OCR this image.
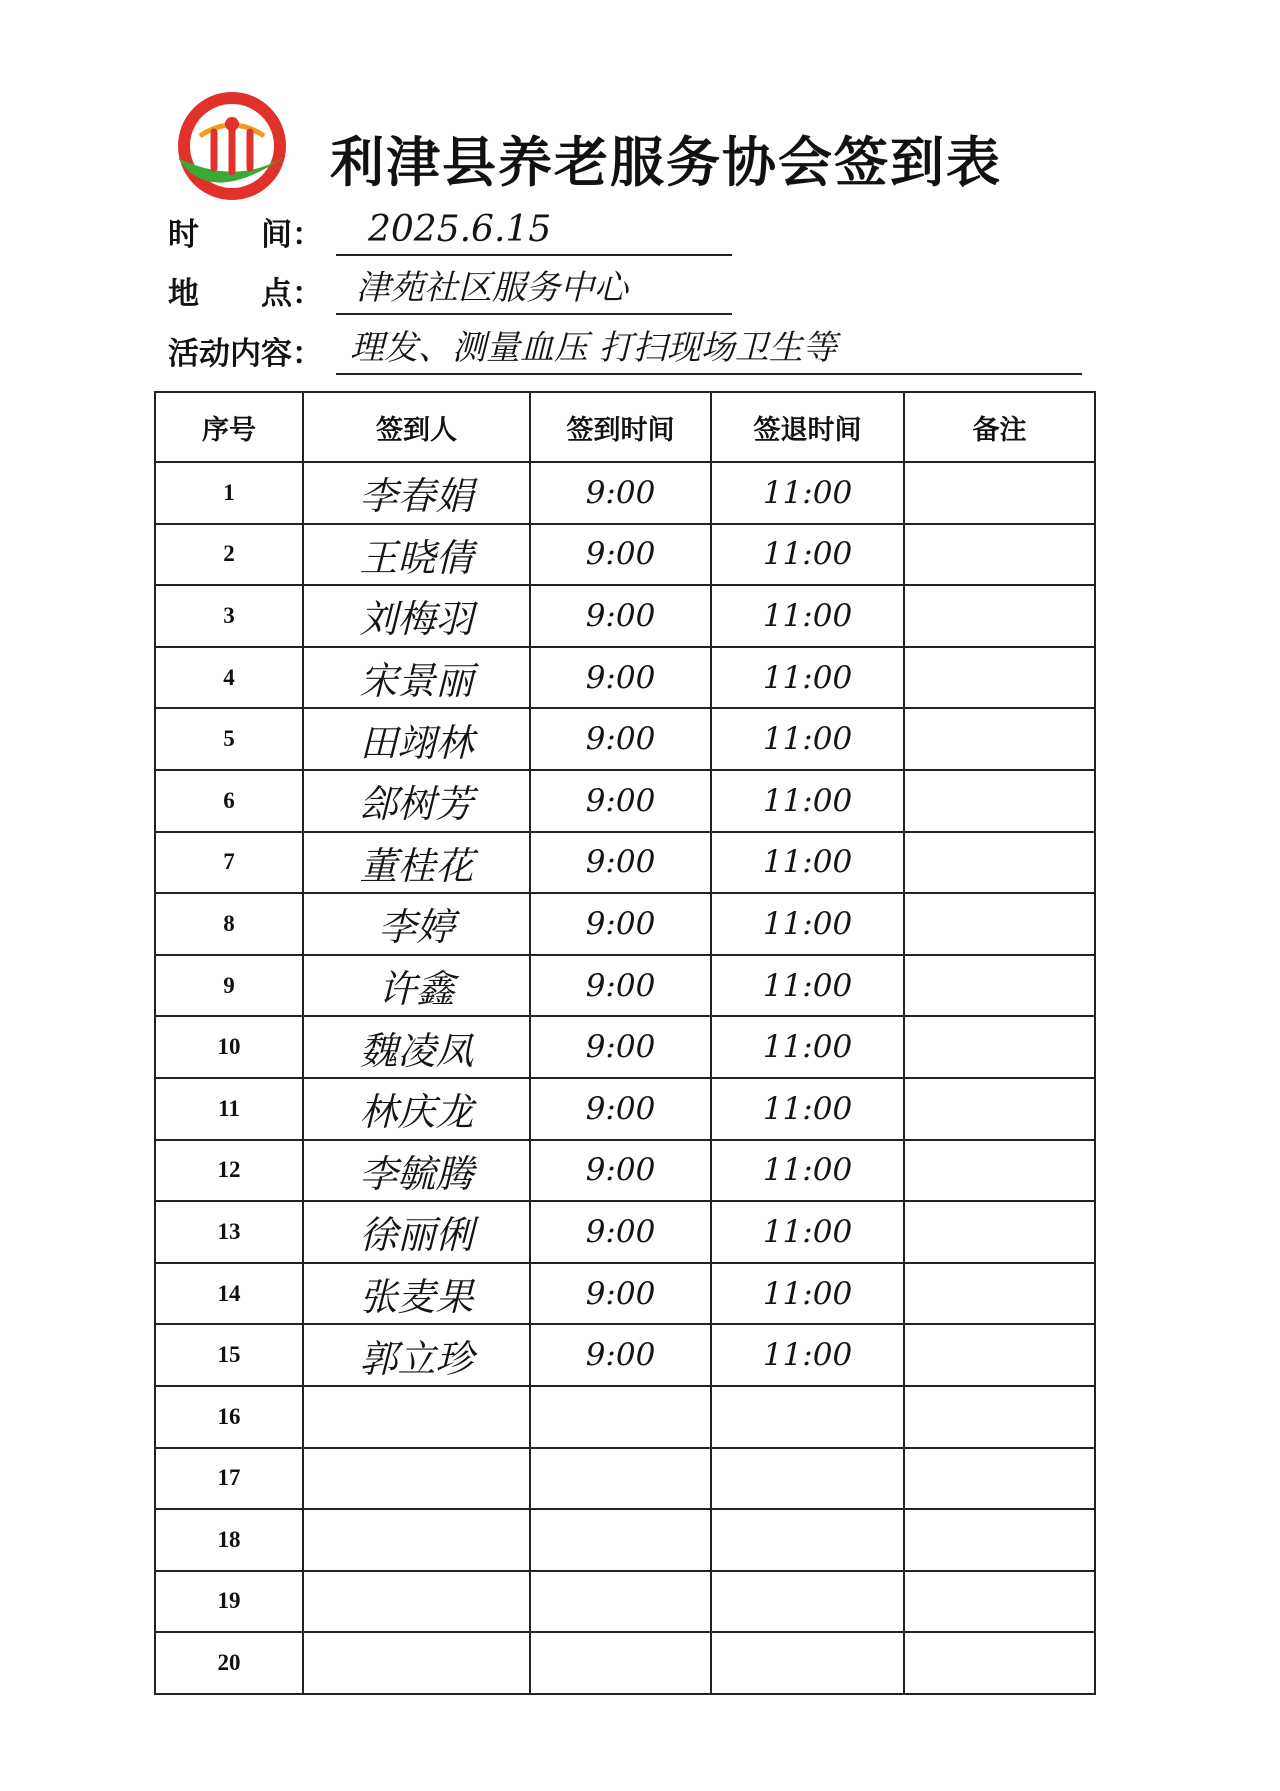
利津县养老服务协会签到表
时　　间： 2025.6.15
地　　点： 津苑社区服务中心
活动内容： 理发、测量血压 打扫现场卫生等
序号	签到人	签到时间	签退时间	备注
1	李春娟	9:00	11:00	
2	王晓倩	9:00	11:00	
3	刘梅羽	9:00	11:00	
4	宋景丽	9:00	11:00	
5	田翊林	9:00	11:00	
6	郐树芳	9:00	11:00	
7	董桂花	9:00	11:00	
8	李婷	9:00	11:00	
9	许鑫	9:00	11:00	
10	魏凌凤	9:00	11:00	
11	林庆龙	9:00	11:00	
12	李毓腾	9:00	11:00	
13	徐丽俐	9:00	11:00	
14	张麦果	9:00	11:00	
15	郭立珍	9:00	11:00	
16				
17				
18				
19				
20				
